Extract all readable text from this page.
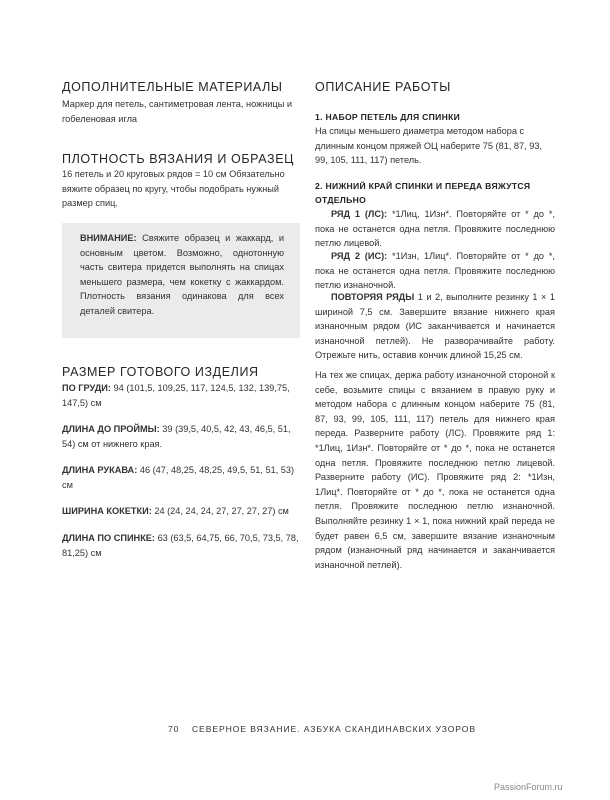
ДОПОЛНИТЕЛЬНЫЕ МАТЕРИАЛЫ
Маркер для петель, сантиметровая лента, ножницы и гобеленовая игла
ПЛОТНОСТЬ ВЯЗАНИЯ И ОБРАЗЕЦ
16 петель и 20 круговых рядов = 10 см Обязательно вяжите образец по кругу, чтобы подобрать нужный размер спиц.
ВНИМАНИЕ: Свяжите образец и жаккард, и основным цветом. Возможно, однотонную часть свитера придется выполнять на спицах меньшего размера, чем кокетку с жаккардом. Плотность вязания одинакова для всех деталей свитера.
РАЗМЕР ГОТОВОГО ИЗДЕЛИЯ
ПО ГРУДИ: 94 (101,5, 109,25, 117, 124,5, 132, 139,75, 147,5) см
ДЛИНА ДО ПРОЙМЫ: 39 (39,5, 40,5, 42, 43, 46,5, 51, 54) см от нижнего края.
ДЛИНА РУКАВА: 46 (47, 48,25, 48,25, 49,5, 51, 51, 53) см
ШИРИНА КОКЕТКИ: 24 (24, 24, 24, 27, 27, 27, 27) см
ДЛИНА ПО СПИНКЕ: 63 (63,5, 64,75, 66, 70,5, 73,5, 78, 81,25) см
ОПИСАНИЕ РАБОТЫ
1. НАБОР ПЕТЕЛЬ ДЛЯ СПИНКИ
На спицы меньшего диаметра методом набора с длинным концом пряжей ОЦ наберите 75 (81, 87, 93, 99, 105, 111, 117) петель.
2. НИЖНИЙ КРАЙ СПИНКИ И ПЕРЕДА ВЯЖУТСЯ
ОТДЕЛЬНО
РЯД 1 (ЛС): *1Лиц, 1Изн*. Повторяйте от * до *, пока не останется одна петля. Провяжите последнюю петлю лицевой.
РЯД 2 (ИС): *1Изн, 1Лиц*. Повторяйте от * до *, пока не останется одна петля. Провяжите последнюю петлю изнаночной.
ПОВТОРЯЯ РЯДЫ 1 и 2, выполните резинку 1 × 1 шириной 7,5 см. Завершите вязание нижнего края изнаночным рядом (ИС заканчивается и начинается изнаночной петлей). Не разворачивайте работу. Отрежьте нить, оставив кончик длиной 15,25 см.
На тех же спицах, держа работу изнаночной стороной к себе, возьмите спицы с вязанием в правую руку и методом набора с длинным концом наберите 75 (81, 87, 93, 99, 105, 111, 117) петель для нижнего края переда. Разверните работу (ЛС). Провяжите ряд 1: *1Лиц, 1Изн*. Повторяйте от * до *, пока не останется одна петля. Провяжите последнюю петлю лицевой. Разверните работу (ИС). Провяжите ряд 2: *1Изн, 1Лиц*. Повторяйте от * до *, пока не останется одна петля. Провяжите последнюю петлю изнаночной. Выполняйте резинку 1 × 1, пока нижний край переда не будет равен 6,5 см, завершите вязание изнаночным рядом (изнаночный ряд начинается и заканчивается изнаночной петлей).
70 СЕВЕРНОЕ ВЯЗАНИЕ. АЗБУКА СКАНДИНАВСКИХ УЗОРОВ
PassionForum.ru
